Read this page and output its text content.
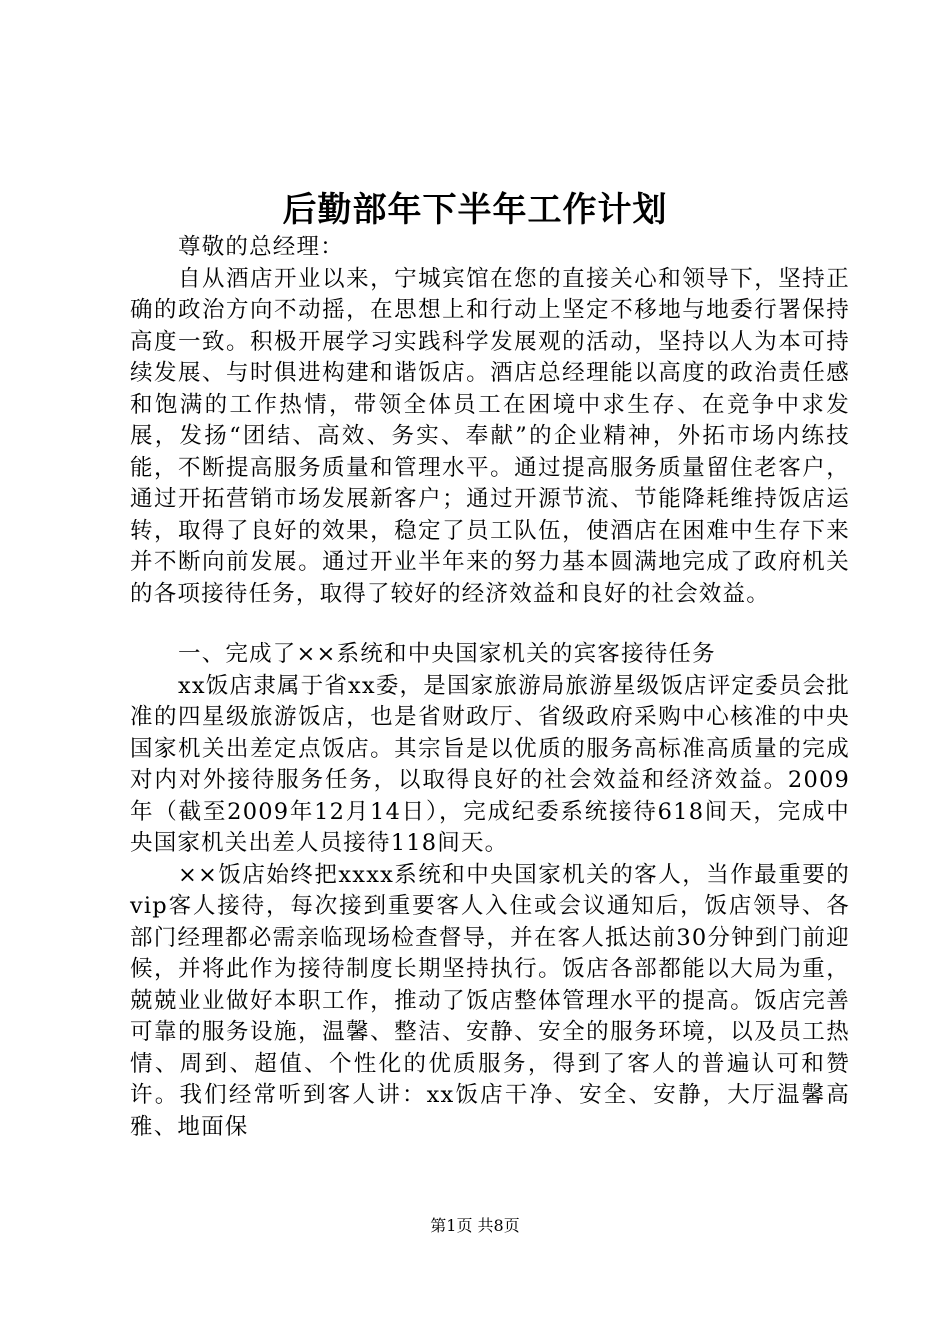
后勤部年下半年工作计划

尊敬的总经理：

自从酒店开业以来，宁城宾馆在您的直接关心和领导下，坚持正确的政治方向不动摇，在思想上和行动上坚定不移地与地委行署保持高度一致。积极开展学习实践科学发展观的活动，坚持以人为本可持续发展、与时俱进构建和谐饭店。酒店总经理能以高度的政治责任感和饱满的工作热情，带领全体员工在困境中求生存、在竞争中求发展，发扬“团结、高效、务实、奉献”的企业精神，外拓市场内练技能，不断提高服务质量和管理水平。通过提高服务质量留住老客户，通过开拓营销市场发展新客户；通过开源节流、节能降耗维持饭店运转，取得了良好的效果，稳定了员工队伍，使酒店在困难中生存下来并不断向前发展。通过开业半年来的努力基本圆满地完成了政府机关的各项接待任务，取得了较好的经济效益和良好的社会效益。

一、完成了××系统和中央国家机关的宾客接待任务

xx饭店隶属于省xx委，是国家旅游局旅游星级饭店评定委员会批准的四星级旅游饭店，也是省财政厅、省级政府采购中心核准的中央国家机关出差定点饭店。其宗旨是以优质的服务高标准高质量的完成对内对外接待服务任务，以取得良好的社会效益和经济效益。2009年（截至2009年12月14日），完成纪委系统接待618间天，完成中央国家机关出差人员接待118间天。

××饭店始终把xxxx系统和中央国家机关的客人，当作最重要的vip客人接待，每次接到重要客人入住或会议通知后，饭店领导、各部门经理都必需亲临现场检查督导，并在客人抵达前30分钟到门前迎候，并将此作为接待制度长期坚持执行。饭店各部都能以大局为重，兢兢业业做好本职工作，推动了饭店整体管理水平的提高。饭店完善可靠的服务设施，温馨、整洁、安静、安全的服务环境，以及员工热情、周到、超值、个性化的优质服务，得到了客人的普遍认可和赞许。我们经常听到客人讲：xx饭店干净、安全、安静，大厅温馨高雅、地面保

第1页 共8页
